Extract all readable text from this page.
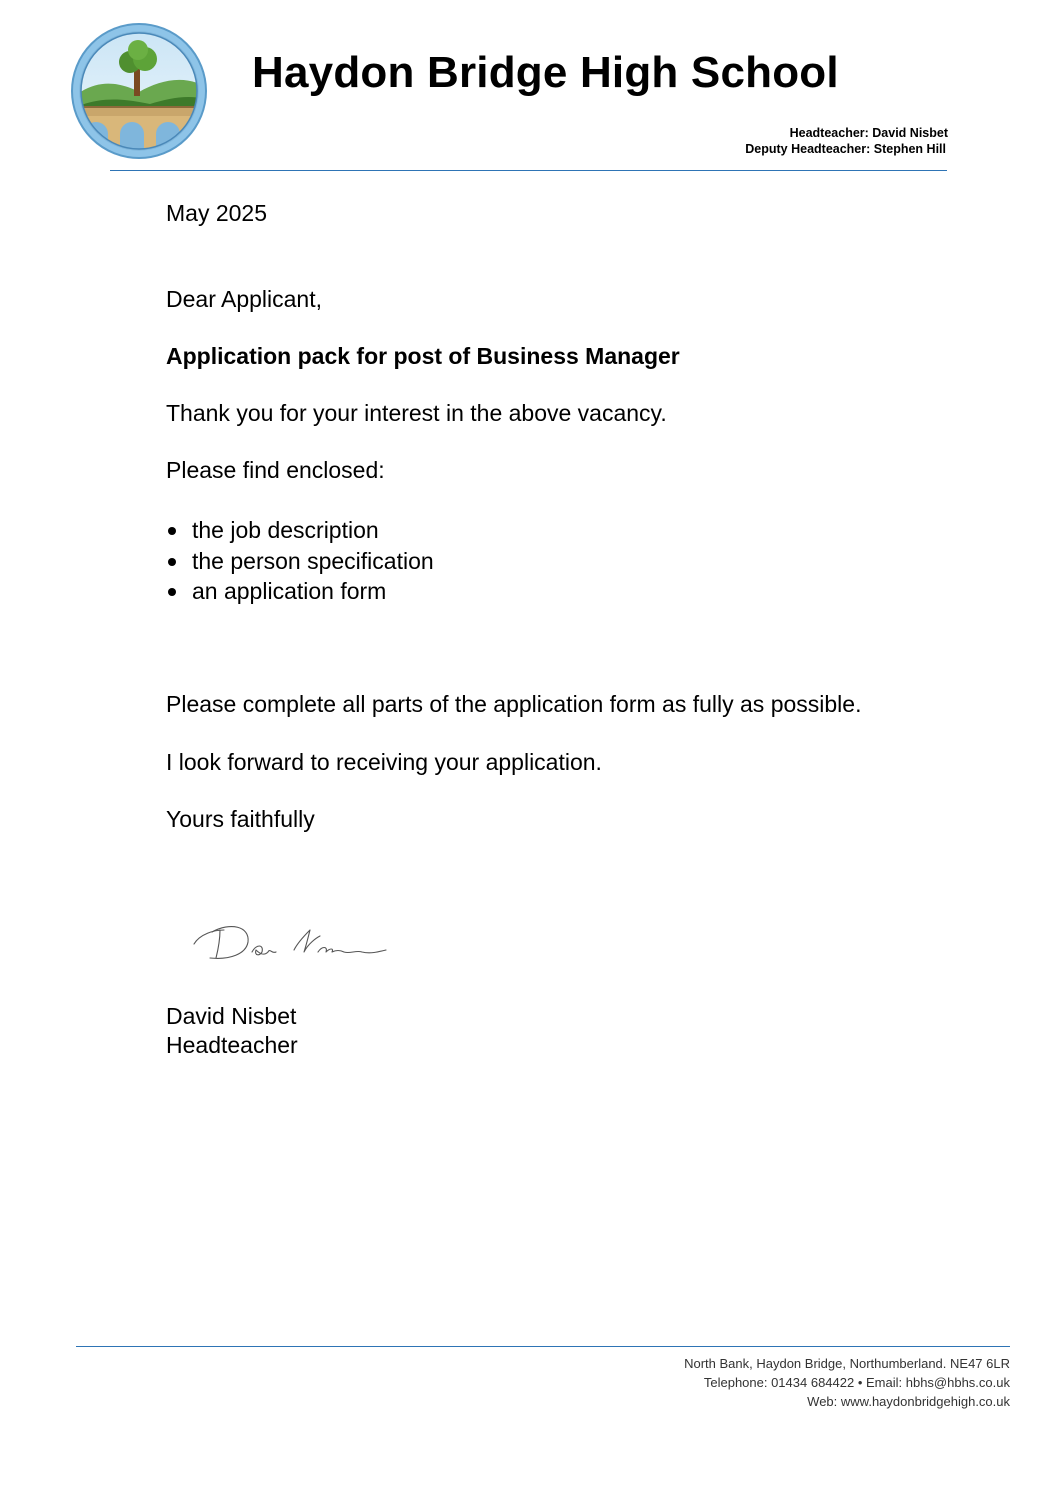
Haydon Bridge High School
Headteacher: David Nisbet
Deputy Headteacher: Stephen Hill
May 2025
Dear Applicant,
Application pack for post of Business Manager
Thank you for your interest in the above vacancy.
Please find enclosed:
the job description
the person specification
an application form
Please complete all parts of the application form as fully as possible.
I look forward to receiving your application.
Yours faithfully
David Nisbet
Headteacher
North Bank, Haydon Bridge, Northumberland. NE47 6LR
Telephone: 01434 684422 • Email: hbhs@hbhs.co.uk
Web: www.haydonbridgehigh.co.uk
